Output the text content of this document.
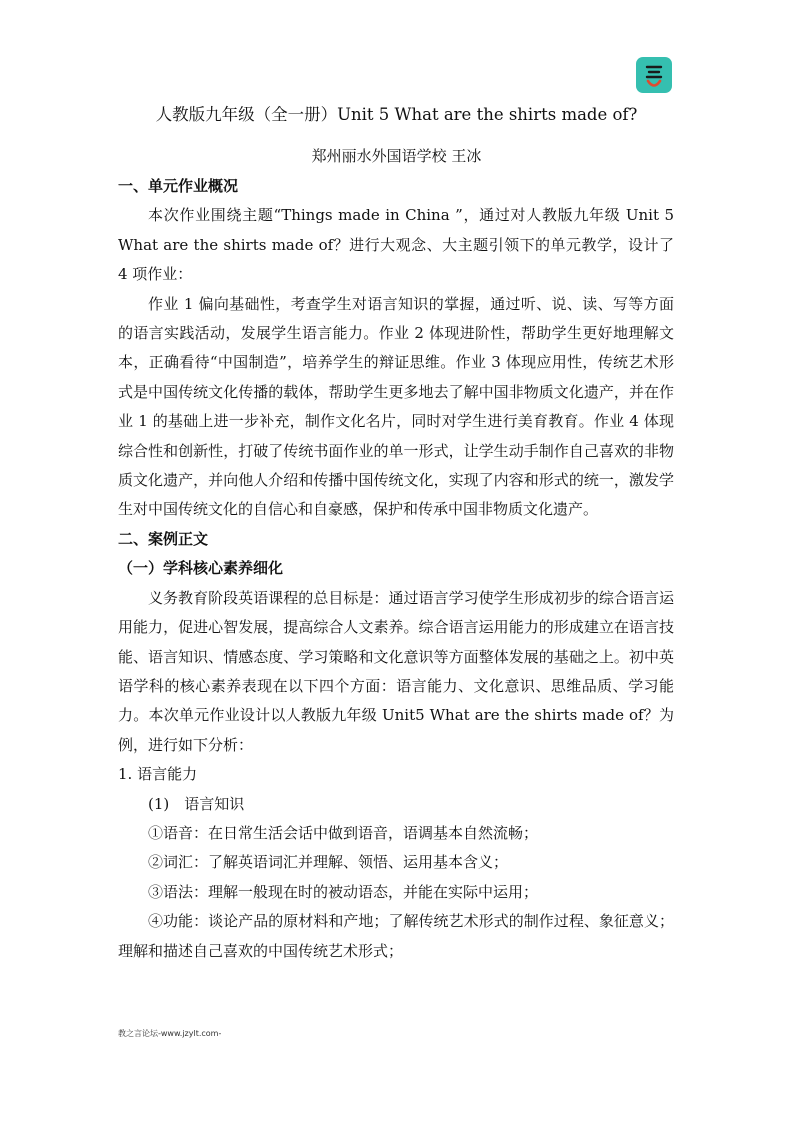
人教版九年级（全一册）Unit 5 What are the shirts made of?
郑州丽水外国语学校 王冰

一、单元作业概况

本次作业围绕主题“Things made in China ”，通过对人教版九年级 Unit 5 What are the shirts made of？进行大观念、大主题引领下的单元教学，设计了 4 项作业：

作业 1 偏向基础性，考查学生对语言知识的掌握，通过听、说、读、写等方面的语言实践活动，发展学生语言能力。作业 2 体现进阶性，帮助学生更好地理解文本，正确看待“中国制造”，培养学生的辩证思维。作业 3 体现应用性，传统艺术形式是中国传统文化传播的载体，帮助学生更多地去了解中国非物质文化遗产，并在作业 1 的基础上进一步补充，制作文化名片，同时对学生进行美育教育。作业 4 体现综合性和创新性，打破了传统书面作业的单一形式，让学生动手制作自己喜欢的非物质文化遗产，并向他人介绍和传播中国传统文化，实现了内容和形式的统一，激发学生对中国传统文化的自信心和自豪感，保护和传承中国非物质文化遗产。

二、案例正文

（一）学科核心素养细化

义务教育阶段英语课程的总目标是：通过语言学习使学生形成初步的综合语言运用能力，促进心智发展，提高综合人文素养。综合语言运用能力的形成建立在语言技能、语言知识、情感态度、学习策略和文化意识等方面整体发展的基础之上。初中英语学科的核心素养表现在以下四个方面：语言能力、文化意识、思维品质、学习能力。本次单元作业设计以人教版九年级 Unit5 What are the shirts made of？为例，进行如下分析：

1. 语言能力

(1)　语言知识

①语音：在日常生活会话中做到语音，语调基本自然流畅；

②词汇：了解英语词汇并理解、领悟、运用基本含义；

③语法：理解一般现在时的被动语态，并能在实际中运用；

④功能：谈论产品的原材料和产地；了解传统艺术形式的制作过程、象征意义；理解和描述自己喜欢的中国传统艺术形式；

教之言论坛-www.jzylt.com-
